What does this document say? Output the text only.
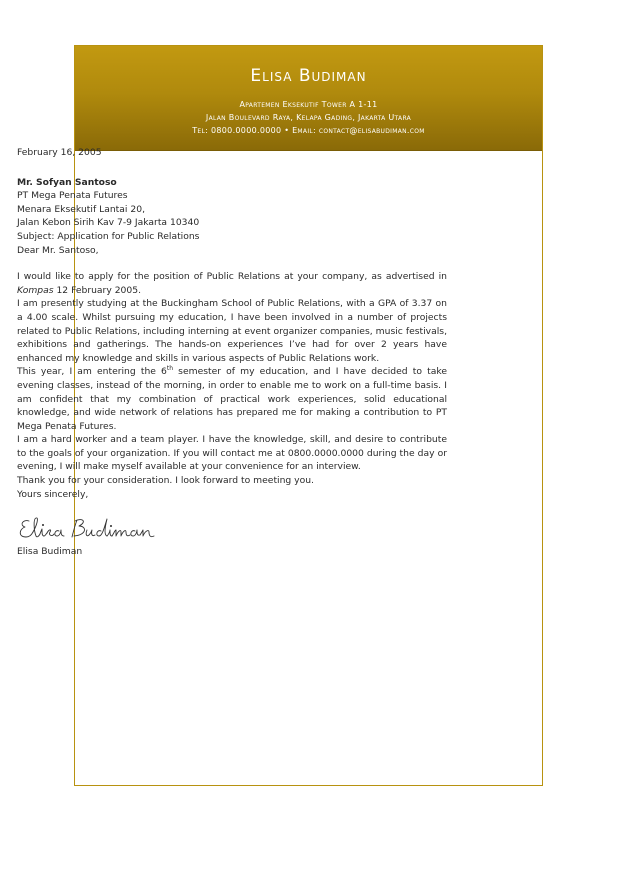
Elisa Budiman
Apartemen Eksekutif Tower A 1-11
Jalan Boulevard Raya, Kelapa Gading, Jakarta Utara
Tel: 0800.0000.0000 • Email: contact@elisabudiman.com

February 16, 2005

Mr. Sofyan Santoso

PT Mega Penata Futures

Menara Eksekutif Lantai 20,

Jalan Kebon Sirih Kav 7-9 Jakarta 10340

Subject: Application for Public Relations

Dear Mr. Santoso,

I would like to apply for the position of Public Relations at your company, as advertised in Kompas 12 February 2005.

I am presently studying at the Buckingham School of Public Relations, with a GPA of 3.37 on a 4.00 scale. Whilst pursuing my education, I have been involved in a number of projects related to Public Relations, including interning at event organizer companies, music festivals, exhibitions and gatherings. The hands-on experiences I’ve had for over 2 years have enhanced my knowledge and skills in various aspects of Public Relations work.

This year, I am entering the 6th semester of my education, and I have decided to take evening classes, instead of the morning, in order to enable me to work on a full-time basis. I am confident that my combination of practical work experiences, solid educational knowledge, and wide network of relations has prepared me for making a contribution to PT Mega Penata Futures.

I am a hard worker and a team player. I have the knowledge, skill, and desire to contribute to the goals of your organization. If you will contact me at 0800.0000.0000 during the day or evening, I will make myself available at your convenience for an interview.

Thank you for your consideration. I look forward to meeting you.

Yours sincerely,

Elisa Budiman
